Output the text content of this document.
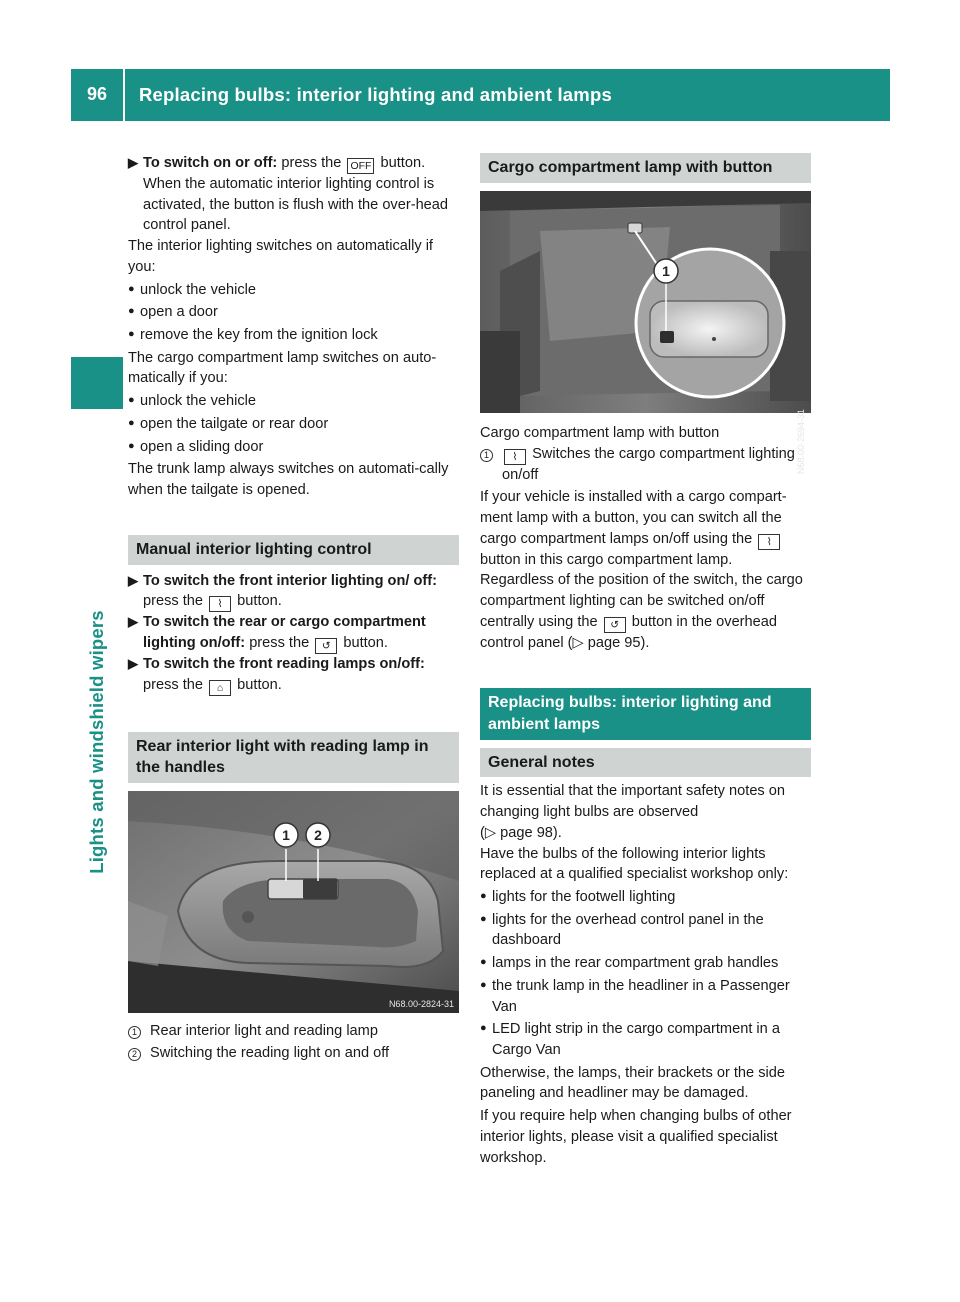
96	Replacing bulbs: interior lighting and ambient lamps
Lights and windshield wipers
▶ To switch on or off: press the OFF button.
When the automatic interior lighting control is activated, the button is flush with the over-head control panel.

The interior lighting switches on automatically if you:

● unlock the vehicle
● open a door
● remove the key from the ignition lock

The cargo compartment lamp switches on auto-matically if you:

● unlock the vehicle
● open the tailgate or rear door
● open a sliding door

The trunk lamp always switches on automati-cally when the tailgate is opened.

Manual interior lighting control
▶ To switch the front interior lighting on/ off: press the ⌇ button.
▶ To switch the rear or cargo compartment lighting on/off: press the ↺ button.
▶ To switch the front reading lamps on/off: press the ⌂ button.
Rear interior light with reading lamp in the handles
1 2
N68.00-2824-31
1 Rear interior light and reading lamp
2 Switching the reading light on and off
Cargo compartment lamp with button
1
N68.00-2694-31

Cargo compartment lamp with button

1	⌇ Switches the cargo compartment lighting on/off

If your vehicle is installed with a cargo compart-ment lamp with a button, you can switch all the cargo compartment lamps on/off using the ⌇ button in this cargo compartment lamp.

Regardless of the position of the switch, the cargo compartment lighting can be switched on/off centrally using the ↺ button in the overhead control panel (▷ page 95).

Replacing bulbs: interior lighting and ambient lamps
General notes

It is essential that the important safety notes on changing light bulbs are observed
(▷ page 98).

Have the bulbs of the following interior lights replaced at a qualified specialist workshop only:

● lights for the footwell lighting
● lights for the overhead control panel in the dashboard
● lamps in the rear compartment grab handles
● the trunk lamp in the headliner in a Passenger Van
● LED light strip in the cargo compartment in a Cargo Van

Otherwise, the lamps, their brackets or the side paneling and headliner may be damaged.

If you require help when changing bulbs of other interior lights, please visit a qualified specialist workshop.
